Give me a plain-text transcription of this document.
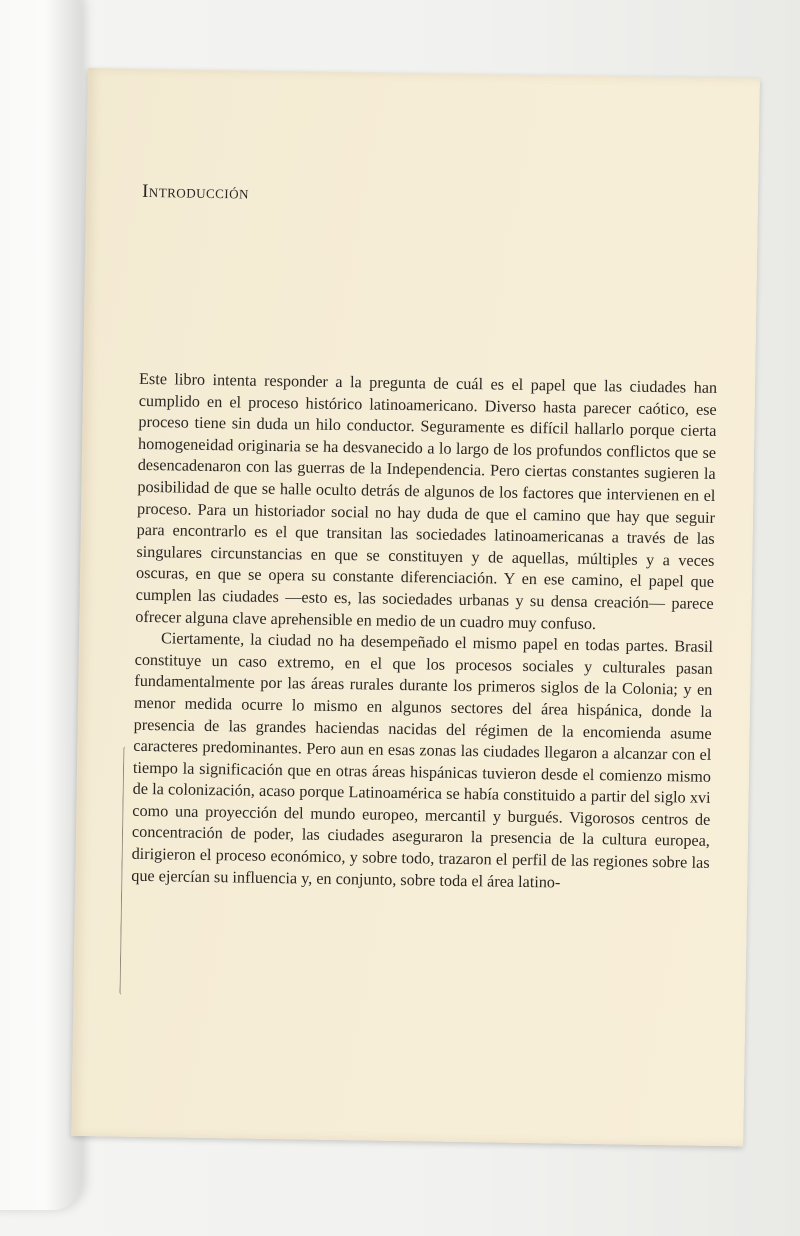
Introducción

Este libro intenta responder a la pregunta de cuál es el papel que las ciudades han cumplido en el proceso histórico latinoamericano. Diverso hasta parecer caótico, ese proceso tiene sin duda un hilo conductor. Seguramente es difícil hallarlo porque cierta homogeneidad originaria se ha desvanecido a lo largo de los profundos conflictos que se desencadenaron con las guerras de la Independencia. Pero ciertas constantes sugieren la posibilidad de que se halle oculto detrás de algunos de los factores que intervienen en el proceso. Para un historiador social no hay duda de que el camino que hay que seguir para encontrarlo es el que transitan las sociedades latinoamericanas a través de las singulares circunstancias en que se constituyen y de aquellas, múltiples y a veces oscuras, en que se opera su constante diferenciación. Y en ese camino, el papel que cumplen las ciudades —esto es, las sociedades urbanas y su densa creación— parece ofrecer alguna clave aprehensible en medio de un cuadro muy confuso.

Ciertamente, la ciudad no ha desempeñado el mismo papel en todas partes. Brasil constituye un caso extremo, en el que los procesos sociales y culturales pasan fundamentalmente por las áreas rurales durante los primeros siglos de la Colonia; y en menor medida ocurre lo mismo en algunos sectores del área hispánica, donde la presencia de las grandes haciendas nacidas del régimen de la encomienda asume caracteres predominantes. Pero aun en esas zonas las ciudades llegaron a alcanzar con el tiempo la significación que en otras áreas hispánicas tuvieron desde el comienzo mismo de la colonización, acaso porque Latinoamérica se había constituido a partir del siglo xvi como una proyección del mundo europeo, mercantil y burgués. Vigorosos centros de concentración de poder, las ciudades aseguraron la presencia de la cultura europea, dirigieron el proceso económico, y sobre todo, trazaron el perfil de las regiones sobre las que ejercían su influencia y, en conjunto, sobre toda el área latino-
